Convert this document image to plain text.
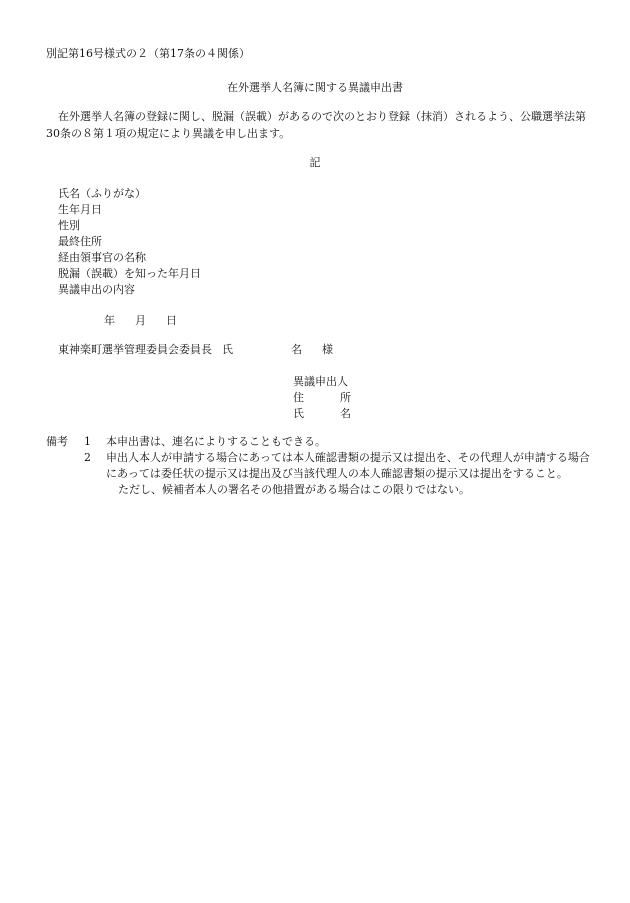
別記第16号様式の２（第17条の４関係）
在外選挙人名簿に関する異議申出書
在外選挙人名簿の登録に関し、脱漏（誤載）があるので次のとおり登録（抹消）されるよう、公職選挙法第30条の８第１項の規定により異議を申し出ます。
記
氏名（ふりがな）
生年月日
性別
最終住所
経由領事官の名称
脱漏（誤載）を知った年月日
異議申出の内容
年 月 日
東神楽町選挙管理委員会委員長 氏	名 様
異議申出人
住	所
氏	名
備考 1 本申出書は、連名によりすることもできる。
2 申出人本人が申請する場合にあっては本人確認書類の提示又は提出を、その代理人が申請する場合にあっては委任状の提示又は提出及び当該代理人の本人確認書類の提示又は提出をすること。
ただし、候補者本人の署名その他措置がある場合はこの限りではない。
